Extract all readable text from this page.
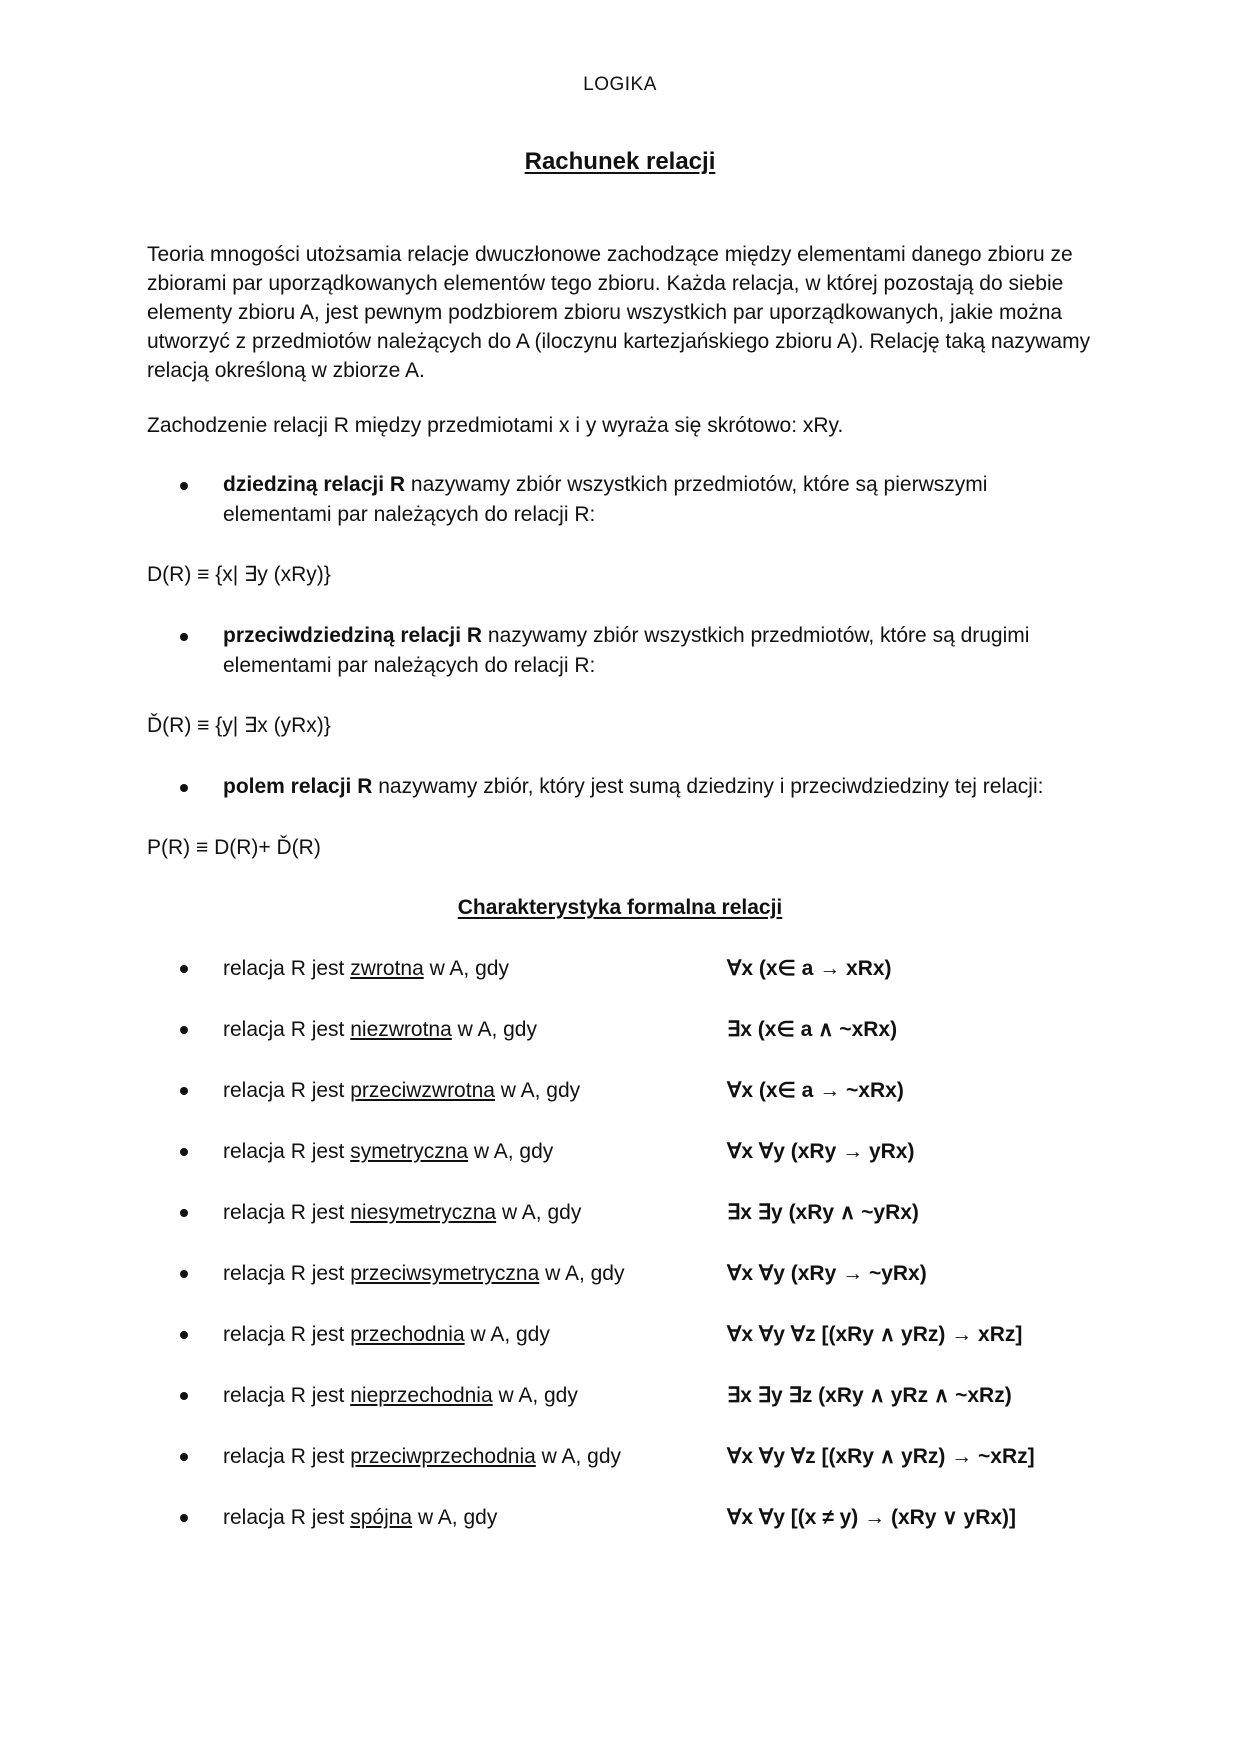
LOGIKA
Rachunek relacji
Teoria mnogości utożsamia relacje dwuczłonowe zachodzące między elementami danego zbioru ze zbiorami par uporządkowanych elementów tego zbioru. Każda relacja, w której pozostają do siebie elementy zbioru A, jest pewnym podzbiorem zbioru wszystkich par uporządkowanych, jakie można utworzyć z przedmiotów należących do A (iloczynu kartezjańskiego zbioru A). Relację taką nazywamy relacją określoną w zbiorze A.
Zachodzenie relacji R między przedmiotami x i y wyraża się skrótowo: xRy.
dziedziną relacji R nazywamy zbiór wszystkich przedmiotów, które są pierwszymi elementami par należących do relacji R:
D(R) ≡ {x| ∃y (xRy)}
przeciwdziedziną relacji R nazywamy zbiór wszystkich przedmiotów, które są drugimi elementami par należących do relacji R:
Ď(R) ≡ {y| ∃x (yRx)}
polem relacji R nazywamy zbiór, który jest sumą dziedziny i przeciwdziedziny tej relacji:
P(R) ≡ D(R)+ Ď(R)
Charakterystyka formalna relacji
relacja R jest zwrotna w A, gdy	∀x (x∈ a → xRx)
relacja R jest niezwrotna w A, gdy	∃x (x∈ a ∧ ~xRx)
relacja R jest przeciwzwrotna w A, gdy	∀x (x∈ a → ~xRx)
relacja R jest symetryczna w A, gdy	∀x ∀y (xRy → yRx)
relacja R jest niesymetryczna w A, gdy	∃x ∃y (xRy ∧ ~yRx)
relacja R jest przeciwsymetryczna w A, gdy	∀x ∀y (xRy → ~yRx)
relacja R jest przechodnia w A, gdy	∀x ∀y ∀z [(xRy ∧ yRz) → xRz]
relacja R jest nieprzechodnia w A, gdy	∃x ∃y ∃z (xRy ∧ yRz ∧ ~xRz)
relacja R jest przeciwprzechodnia w A, gdy	∀x ∀y ∀z [(xRy ∧ yRz) → ~xRz]
relacja R jest spójna w A, gdy	∀x ∀y [(x ≠ y) → (xRy ∨ yRx)]
